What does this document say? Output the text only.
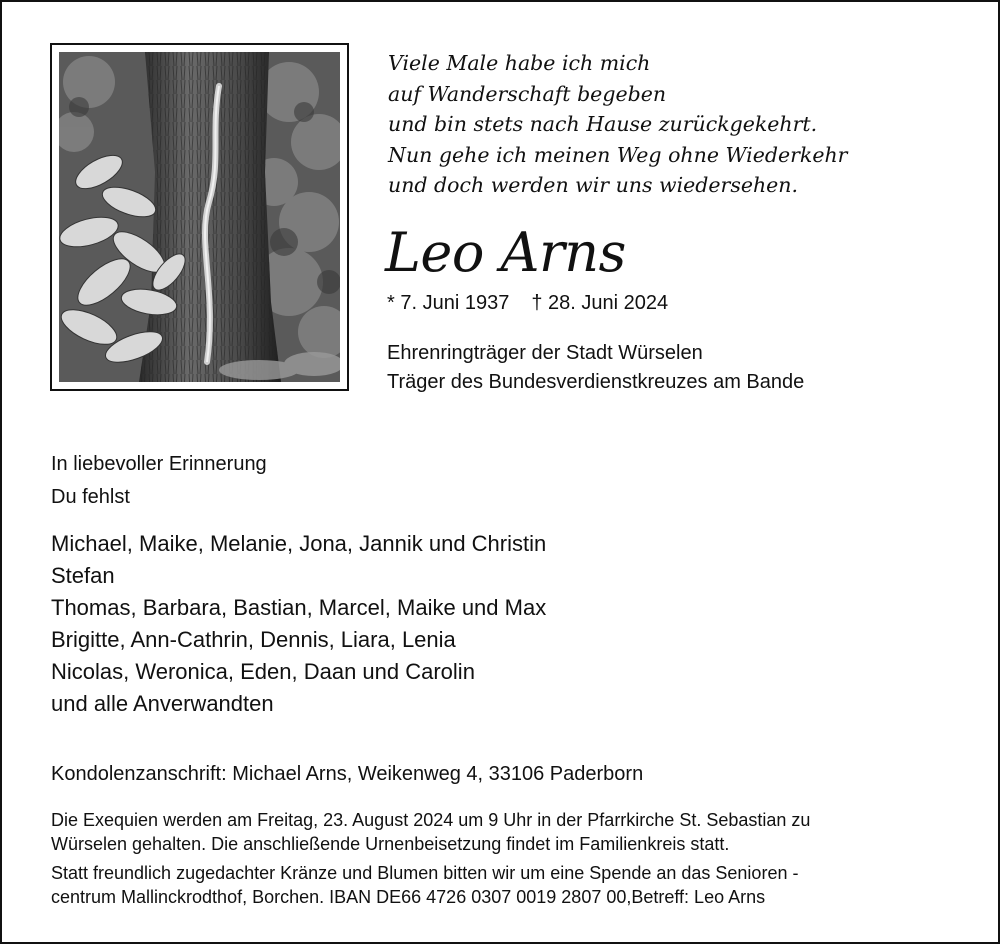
Viele Male habe ich mich
auf Wanderschaft begeben
und bin stets nach Hause zurückgekehrt.
Nun gehe ich meinen Weg ohne Wiederkehr
und doch werden wir uns wiedersehen.
Leo Arns
* 7. Juni 1937 † 28. Juni 2024
Ehrenringträger der Stadt Würselen
Träger des Bundesverdienstkreuzes am Bande
In liebevoller Erinnerung
Du fehlst
Michael, Maike, Melanie, Jona, Jannik und Christin
Stefan
Thomas, Barbara, Bastian, Marcel, Maike und Max
Brigitte, Ann-Cathrin, Dennis, Liara, Lenia
Nicolas, Weronica, Eden, Daan und Carolin
und alle Anverwandten
Kondolenzanschrift: Michael Arns, Weikenweg 4, 33106 Paderborn
Die Exequien werden am Freitag, 23. August 2024 um 9 Uhr in der Pfarrkirche St. Sebastian zu
Würselen gehalten. Die anschließende Urnenbeisetzung findet im Familienkreis statt.
Statt freundlich zugedachter Kränze und Blumen bitten wir um eine Spende an das Senioren -
centrum Mallinckrodthof, Borchen. IBAN DE66 4726 0307 0019 2807 00,Betreff: Leo Arns
